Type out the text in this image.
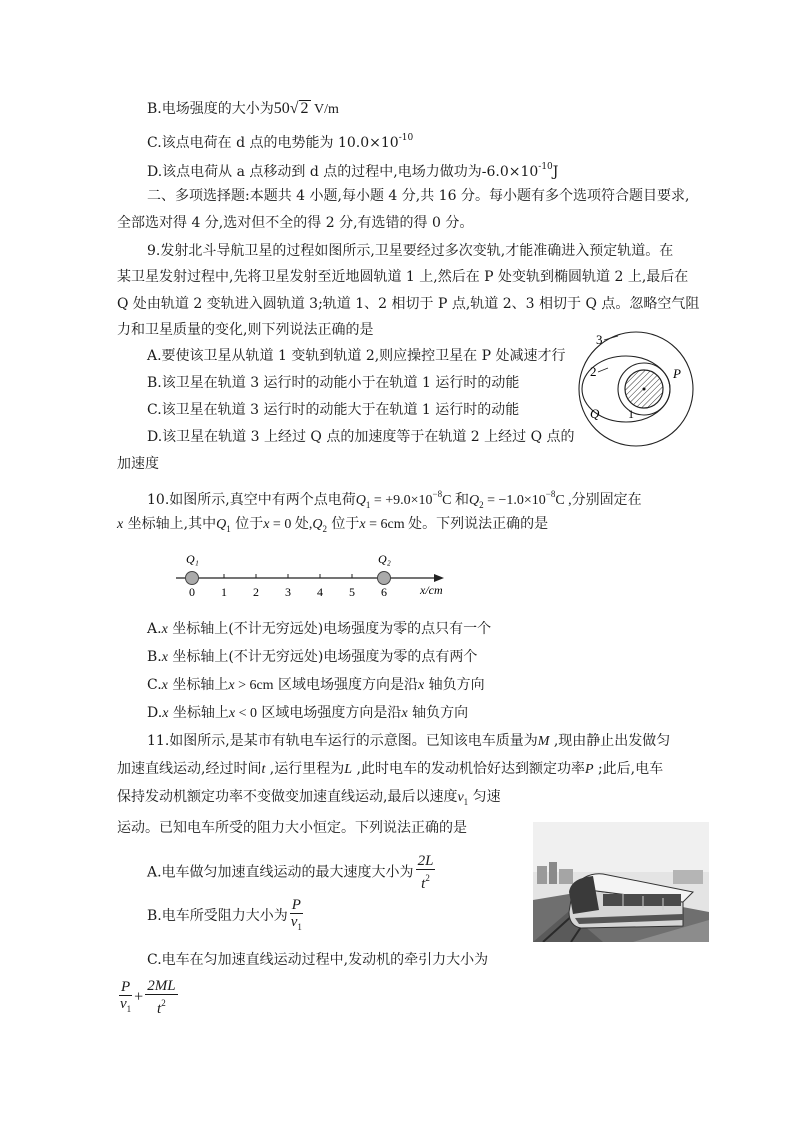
B.电场强度的大小为50√ 2 V/m
C.该点电荷在 d 点的电势能为 $10.0\times 10^{-10}$
D.该点电荷从 a 点移动到 d 点的过程中,电场力做功为$-6.0\times 10^{-10}J$
二、多项选择题:本题共 4 小题,每小题 4 分,共 16 分。每小题有多个选项符合题目要求,
全部选对得 4 分,选对但不全的得 2 分,有选错的得 0 分。
9.发射北斗导航卫星的过程如图所示,卫星要经过多次变轨,才能准确进入预定轨道。在
某卫星发射过程中,先将卫星发射至近地圆轨道 1 上,然后在 P 处变轨到椭圆轨道 2 上,最后在
Q 处由轨道 2 变轨进入圆轨道 3;轨道 1、2 相切于 P 点,轨道 2、3 相切于 Q 点。忽略空气阻
力和卫星质量的变化,则下列说法正确的是
A.要使该卫星从轨道 1 变轨到轨道 2,则应操控卫星在 P 处减速才行
B.该卫星在轨道 3 运行时的动能小于在轨道 1 运行时的动能
C.该卫星在轨道 3 运行时的动能大于在轨道 1 运行时的动能
D.该卫星在轨道 3 上经过 Q 点的加速度等于在轨道 2 上经过 Q 点的
加速度
3
2
1
P
Q
10.如图所示,真空中有两个点电荷$Q_1 = +9.0\times 10^{-8}C$ 和$Q_2 = -1.0\times 10^{-8}C$ ,分别固定在
x 坐标轴上,其中$Q_1$ 位于x = 0 处$,Q_2$ 位于x = 6cm 处。下列说法正确的是
0 1 2 3 4 5 6
Q₁	Q₂
x/cm
A.x 坐标轴上(不计无穷远处)电场强度为零的点只有一个
B.x 坐标轴上(不计无穷远处)电场强度为零的点有两个
C.x 坐标轴上x > 6cm 区域电场强度方向是沿x 轴负方向
D.x 坐标轴上x < 0 区域电场强度方向是沿x 轴负方向
11.如图所示,是某市有轨电车运行的示意图。已知该电车质量为M ,现由静止出发做匀
加速直线运动,经过时间t ,运行里程为L ,此时电车的发动机恰好达到额定功率P ;此后,电车
保持发动机额定功率不变做变加速直线运动,最后以速度$v_1$ 匀速
运动。已知电车所受的阻力大小恒定。下列说法正确的是
A.电车做匀加速直线运动的最大速度大小为 $\frac{2L}{t^2}$
B.电车所受阻力大小为 $\frac{P}{v_1}$
C.电车在匀加速直线运动过程中,发动机的牵引力大小为
$\frac{P}{v_1} + \frac{2ML}{t^2}$
